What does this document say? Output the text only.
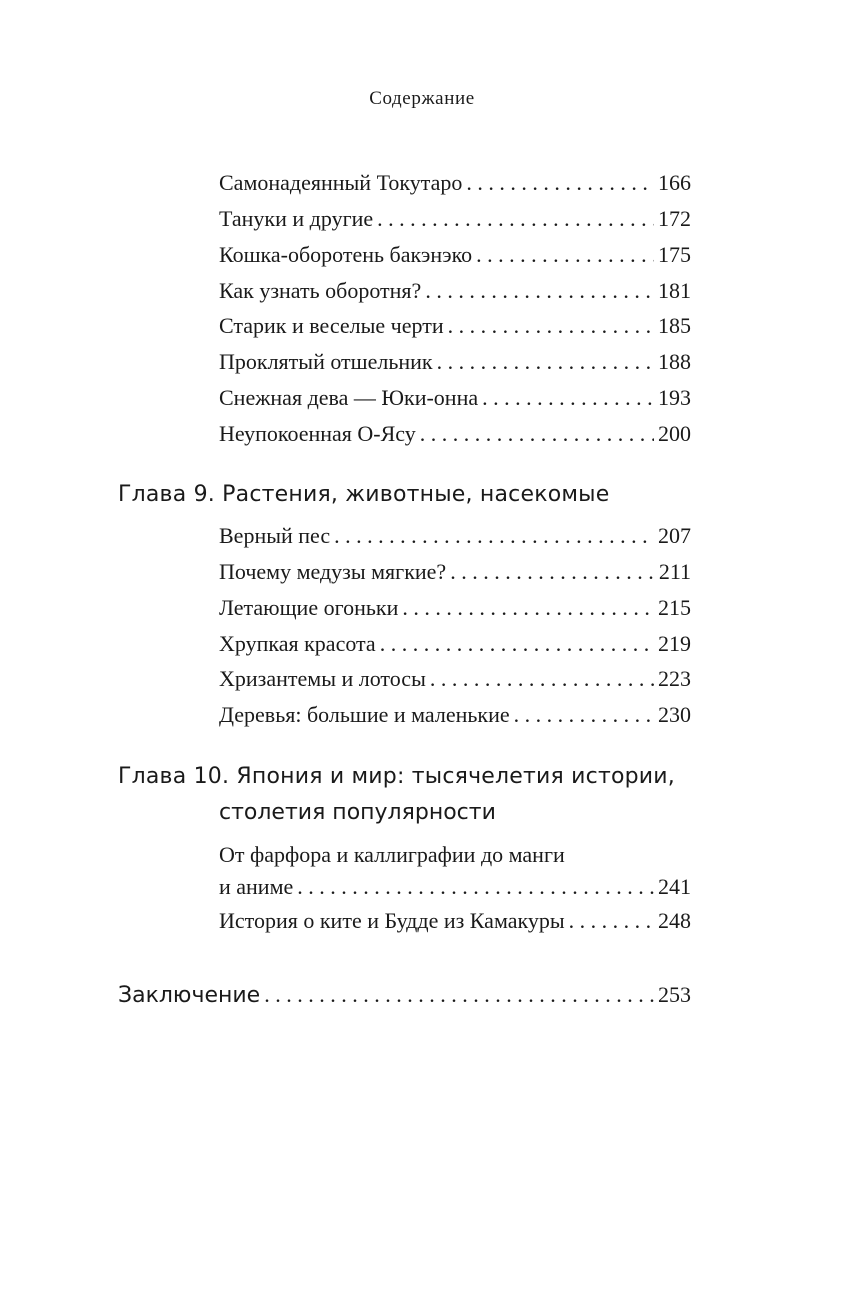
Содержание
Самонадеянный Токутаро . . .	166
Тануки и другие . . .	172
Кошка-оборотень бакэнэко . . .	175
Как узнать оборотня? . . .	181
Старик и веселые черти . . .	185
Проклятый отшельник . . .	188
Снежная дева — Юки-онна . . .	193
Неупокоенная О-Ясу . . .	200
Глава 9. Растения, животные, насекомые
Верный пес . . .	207
Почему медузы мягкие? . . .	211
Летающие огоньки . . .	215
Хрупкая красота . . .	219
Хризантемы и лотосы . . .	223
Деревья: большие и маленькие . . .	230
Глава 10. Япония и мир: тысячелетия истории,
столетия популярности
От фарфора и каллиграфии до манги
и аниме . . .	241
История о ките и Будде из Камакуры . . .	248
Заключение . . .	253
